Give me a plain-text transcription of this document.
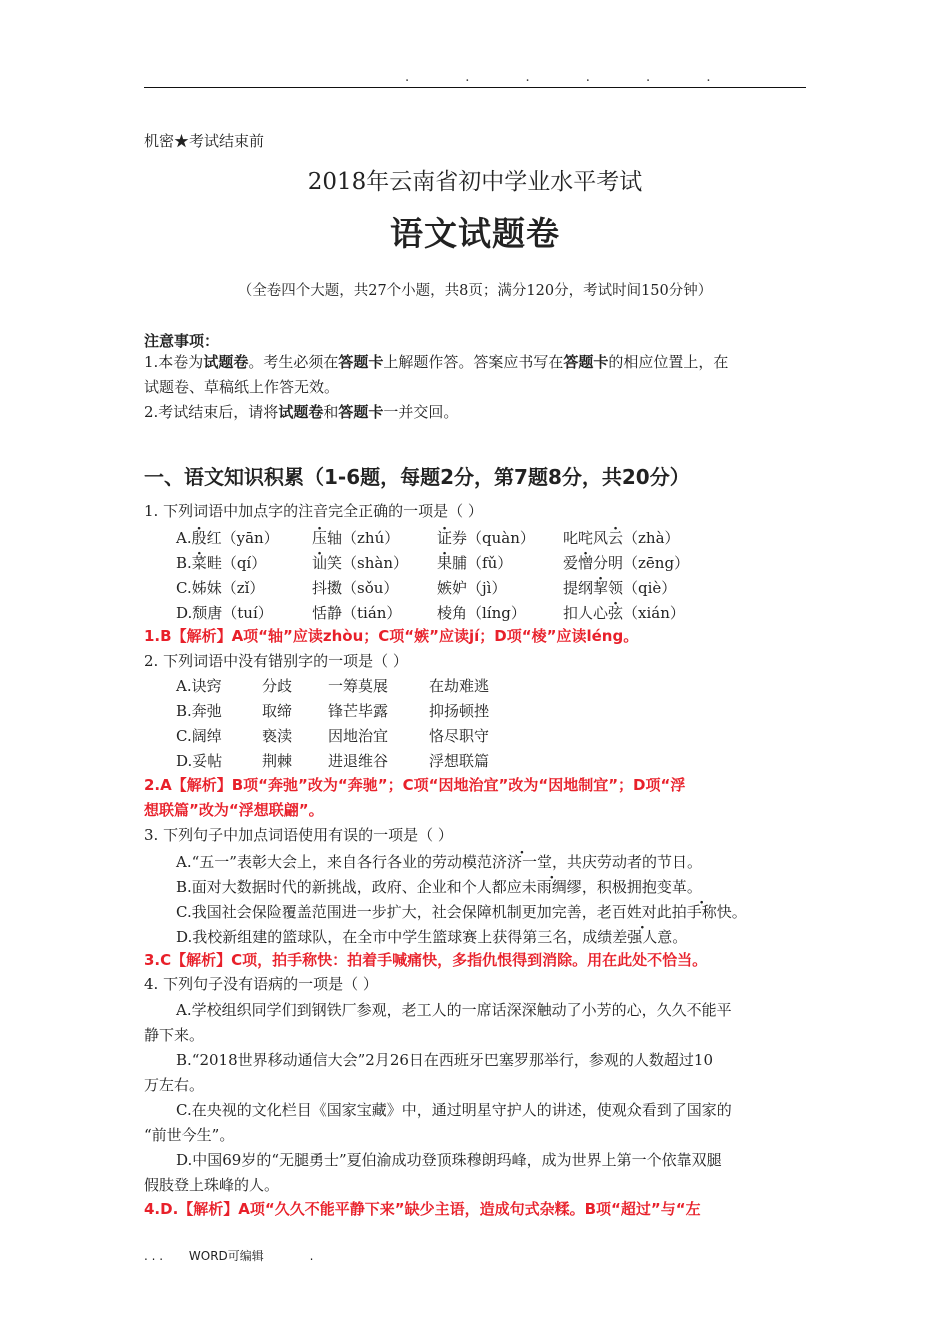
. . . . . .
机密★考试结束前
2018年云南省初中学业水平考试
语文试题卷
（全卷四个大题，共27个小题，共8页；满分120分，考试时间150分钟）
注意事项：
1.本卷为试题卷。考生必须在答题卡上解题作答。答案应书写在答题卡的相应位置上，在
试题卷、草稿纸上作答无效。
2.考试结束后，请将试题卷和答题卡一并交回。
一、语文知识积累（1-6题，每题2分，第7题8分，共20分）
1. 下列词语中加点字的注音完全正确的一项是（ ）
A.殷红（yān） 压轴（zhú）	证券（quàn） 叱咤风云（zhà）
B.菜畦（qí）	讪笑（shàn） 果脯（fǔ）	爱憎分明（zēng）
C.姊妹（zǐ）	抖擞（sǒu）	嫉妒（jì）	提纲挈领（qiè）
D.颓唐（tuí）	恬静（tián） 棱角（líng） 扣人心弦（xián）
1.B【解析】A项“轴”应读zhòu；C项“嫉”应读jí；D项“棱”应读léng。
2. 下列词语中没有错别字的一项是（ ）
A.诀窍	分歧 一筹莫展	在劫难逃
B.奔弛	取缔 锋芒毕露	抑扬顿挫
C.阔绰	亵渎 因地治宜	恪尽职守
D.妥帖	荆棘 进退维谷	浮想联篇
2.A【解析】B项“奔弛”改为“奔驰”；C项“因地治宜”改为“因地制宜”；D项“浮
想联篇”改为“浮想联翩”。
3. 下列句子中加点词语使用有误的一项是（ ）
A.“五一”表彰大会上，来自各行各业的劳动模范济济一堂，共庆劳动者的节日。
B.面对大数据时代的新挑战，政府、企业和个人都应未雨绸缪，积极拥抱变革。
C.我国社会保险覆盖范围进一步扩大，社会保障机制更加完善，老百姓对此拍手称快。
D.我校新组建的篮球队，在全市中学生篮球赛上获得第三名，成绩差强人意。
3.C【解析】C项，拍手称快：拍着手喊痛快，多指仇恨得到消除。用在此处不恰当。
4. 下列句子没有语病的一项是（ ）
A.学校组织同学们到钢铁厂参观，老工人的一席话深深触动了小芳的心，久久不能平
静下来。
B.“2018世界移动通信大会”2月26日在西班牙巴塞罗那举行，参观的人数超过10
万左右。
C.在央视的文化栏目《国家宝藏》中，通过明星守护人的讲述，使观众看到了国家的
“前世今生”。
D.中国69岁的“无腿勇士”夏伯渝成功登顶珠穆朗玛峰，成为世界上第一个依靠双腿
假肢登上珠峰的人。
4.D.【解析】A项“久久不能平静下来”缺少主语，造成句式杂糅。B项“超过”与“左
. . . WORD可编辑	.
